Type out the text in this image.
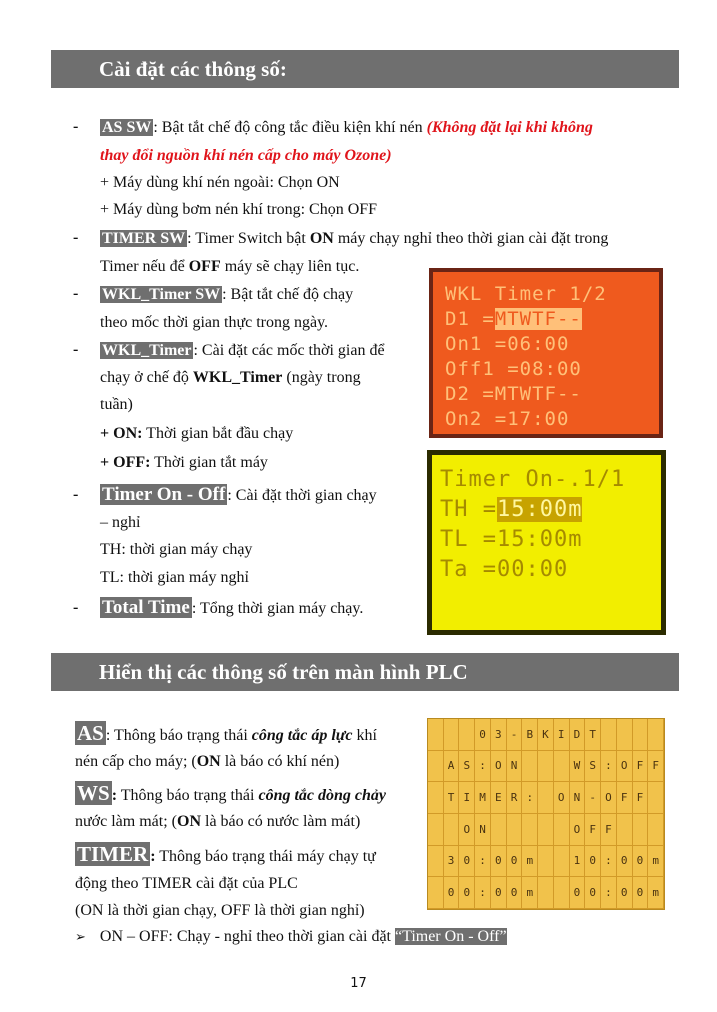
Cài đặt các thông số:
- AS SW : Bật tắt chế độ công tắc điều kiện khí nén (Không đặt lại khi không
thay đổi nguồn khí nén cấp cho máy Ozone)
+ Máy dùng khí nén ngoài: Chọn ON
+ Máy dùng bơm nén khí trong: Chọn OFF
- TIMER SW : Timer Switch bật ON máy chạy nghỉ theo thời gian cài đặt trong
Timer nếu để OFF máy sẽ chạy liên tục.
- WKL_Timer SW : Bật tắt chế độ chạy
theo mốc thời gian thực trong ngày.
- WKL_Timer : Cài đặt các mốc thời gian để
chạy ở chế độ WKL_Timer (ngày trong
tuần)
+ ON: Thời gian bắt đầu chạy
+ OFF: Thời gian tắt máy
- Timer On - Off : Cài đặt thời gian chạy
– nghỉ
TH: thời gian máy chạy
TL: thời gian máy nghỉ
- Total Time : Tổng thời gian máy chạy.
WKL Timer 1/2
D1 =MTWTF--
On1 =06:00
Off1 =08:00
D2 =MTWTF--
On2 =17:00
Timer On-.1/1
TH =15:00m
TL =15:00m
Ta =00:00
Hiển thị các thông số trên màn hình PLC
AS : Thông báo trạng thái công tắc áp lực khí
nén cấp cho máy; (ON là báo có khí nén)
WS : Thông báo trạng thái công tắc dòng chảy
nước làm mát; (ON là báo có nước làm mát)
TIMER : Thông báo trạng thái máy chạy tự
động theo TIMER cài đặt của PLC
(ON là thời gian chạy, OFF là thời gian nghỉ)
➢ ON – OFF: Chạy - nghỉ theo thời gian cài đặt “Timer On - Off”
0 3 - B K I D T
A S : O N	W S : O F F
T I M E R :	O N - O F F
O N	O F F
3 0 : 0 0 m	1 0 : 0 0 m
0 0 : 0 0 m	0 0 : 0 0 m
17
